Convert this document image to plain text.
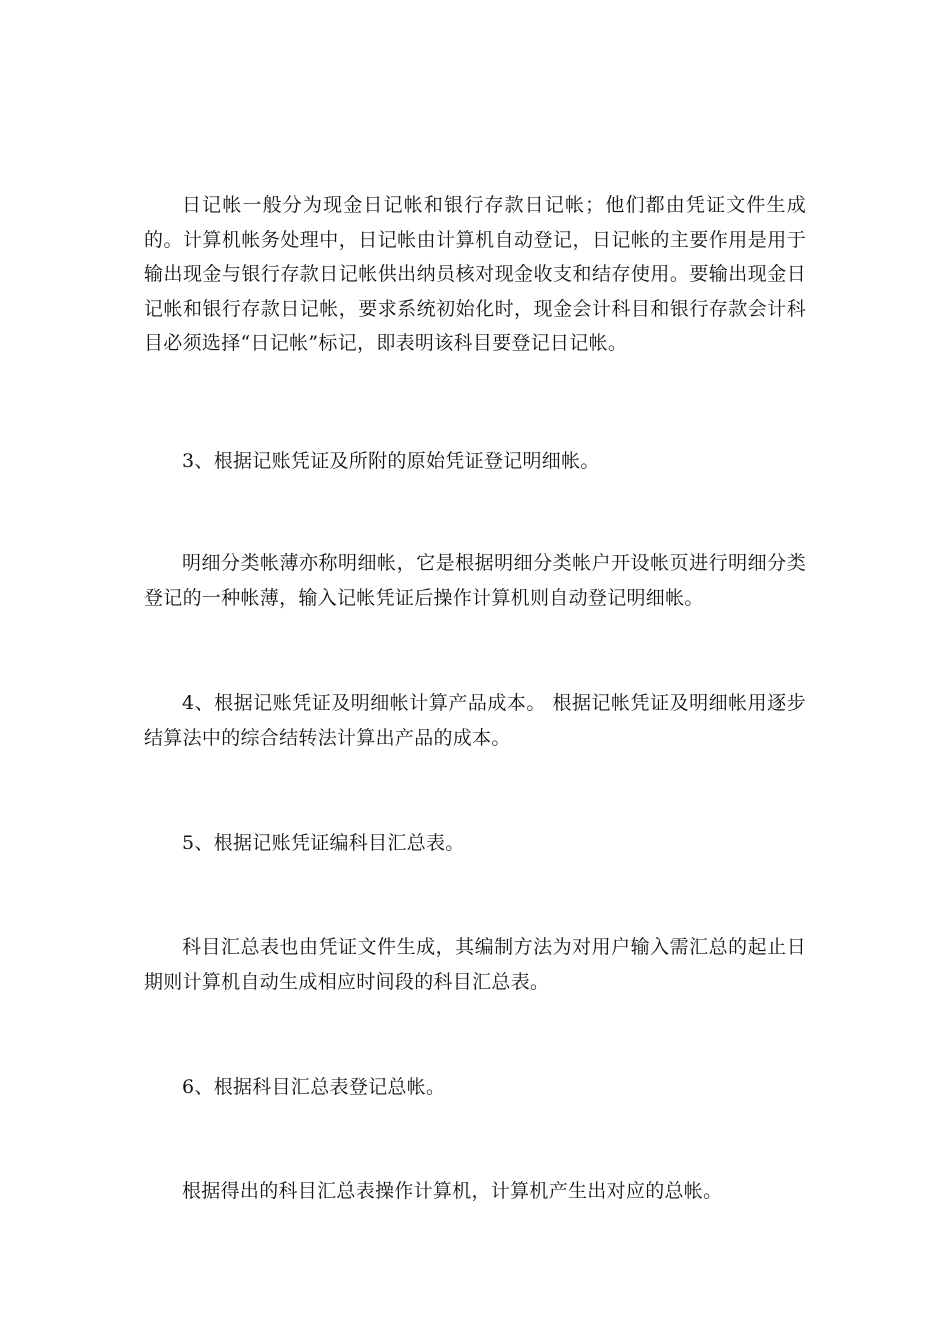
日记帐一般分为现金日记帐和银行存款日记帐；他们都由凭证文件生成的。计算机帐务处理中，日记帐由计算机自动登记，日记帐的主要作用是用于输出现金与银行存款日记帐供出纳员核对现金收支和结存使用。要输出现金日记帐和银行存款日记帐，要求系统初始化时，现金会计科目和银行存款会计科目必须选择“日记帐”标记，即表明该科目要登记日记帐。

3、根据记账凭证及所附的原始凭证登记明细帐。

明细分类帐薄亦称明细帐，它是根据明细分类帐户开设帐页进行明细分类登记的一种帐薄，输入记帐凭证后操作计算机则自动登记明细帐。

4、根据记账凭证及明细帐计算产品成本。 根据记帐凭证及明细帐用逐步结算法中的综合结转法计算出产品的成本。

5、根据记账凭证编科目汇总表。

科目汇总表也由凭证文件生成，其编制方法为对用户输入需汇总的起止日期则计算机自动生成相应时间段的科目汇总表。

6、根据科目汇总表登记总帐。

根据得出的科目汇总表操作计算机，计算机产生出对应的总帐。
